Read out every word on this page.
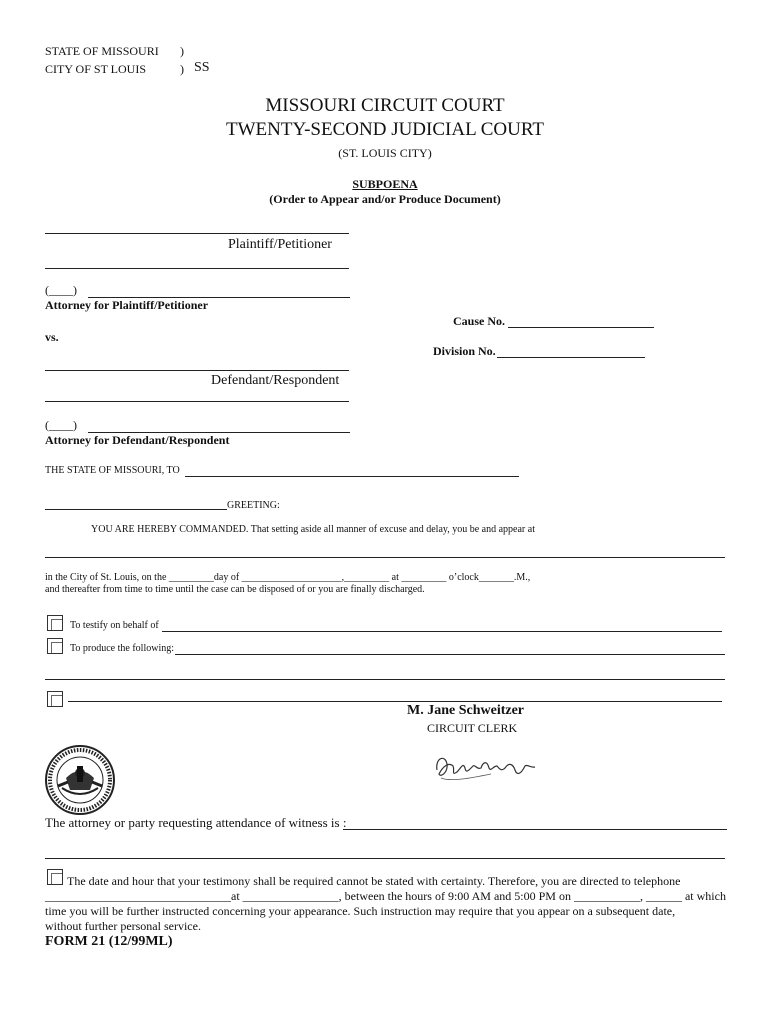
STATE OF MISSOURI
CITY OF ST LOUIS
)
) SS
MISSOURI CIRCUIT COURT
TWENTY-SECOND JUDICIAL COURT
(ST. LOUIS CITY)
SUBPOENA
(Order to Appear and/or Produce Document)
Plaintiff/Petitioner
(____)
Attorney for Plaintiff/Petitioner
Cause No.
vs.
Division No.
Defendant/Respondent
(____)
Attorney for Defendant/Respondent
THE STATE OF MISSOURI, TO
GREETING:
YOU ARE HEREBY COMMANDED. That setting aside all manner of excuse and delay, you be and appear at
in the City of St. Louis, on the _________day of ____________________,_________ at _________ o’clock_______.M.,
and thereafter from time to time until the case can be disposed of or you are finally discharged.
To testify on behalf of
To produce the following:
M. Jane Schweitzer
CIRCUIT CLERK
The attorney or party requesting attendance of witness is :
The date and hour that your testimony shall be required cannot be stated with certainty. Therefore, you are directed to telephone
_______________________________at ________________, between the hours of 9:00 AM and 5:00 PM on ___________, ______ at which
time you will be further instructed concerning your appearance. Such instruction may require that you appear on a subsequent date,
without further personal service.
FORM 21 (12/99ML)
